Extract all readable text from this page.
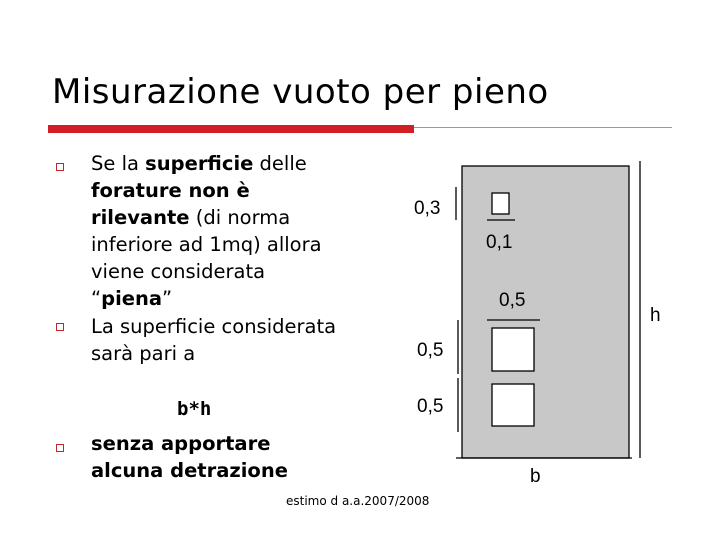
Misurazione vuoto per pieno
Se la superficie delle forature non è rilevante (di norma inferiore ad 1mq) allora viene considerata “piena”
La superficie considerata sarà pari a
b*h
senza apportare alcuna detrazione
0,3
0,1
0,5
0,5
0,5
h
b
estimo d a.a.2007/2008
